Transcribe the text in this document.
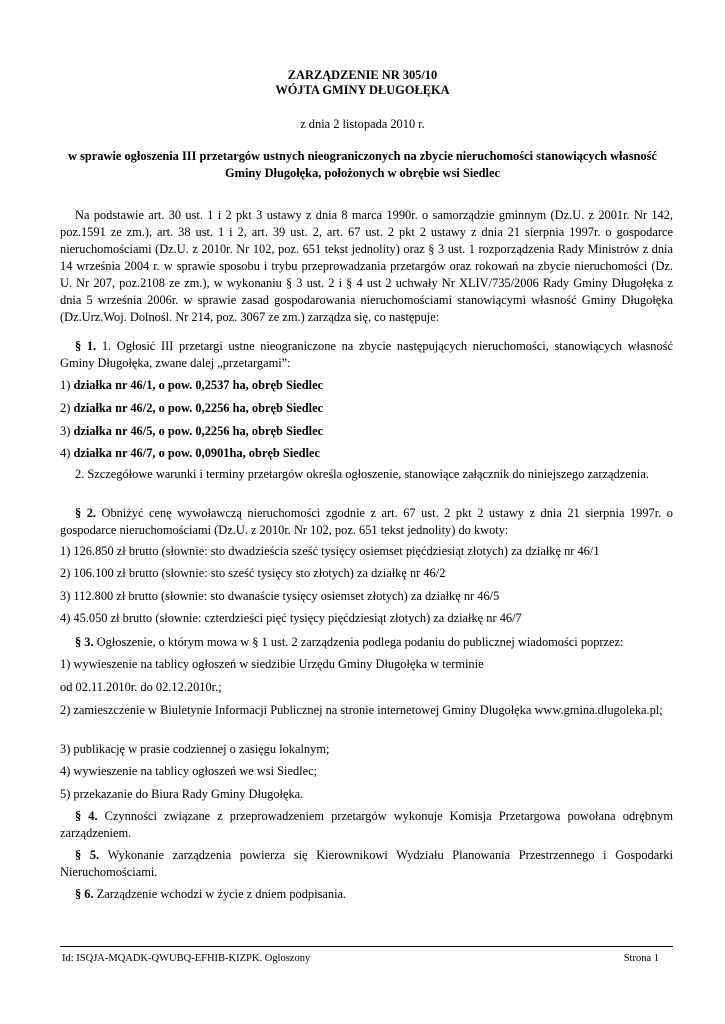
ZARZĄDZENIE NR 305/10
WÓJTA GMINY DŁUGOŁĘKA
z dnia 2 listopada 2010 r.
w sprawie ogłoszenia III przetargów ustnych nieograniczonych na zbycie nieruchomości stanowiących własność Gminy Długołęka, położonych w obrębie wsi Siedlec
Na podstawie art. 30 ust. 1 i 2 pkt 3 ustawy z dnia 8 marca 1990r. o samorządzie gminnym (Dz.U. z 2001r. Nr 142, poz.1591 ze zm.), art. 38 ust. 1 i 2, art. 39 ust. 2, art. 67 ust. 2 pkt 2 ustawy z dnia 21 sierpnia 1997r. o gospodarce nieruchomościami (Dz.U. z 2010r. Nr 102, poz. 651 tekst jednolity) oraz § 3 ust. 1 rozporządzenia Rady Ministrów z dnia 14 września 2004 r. w sprawie sposobu i trybu przeprowadzania przetargów oraz rokowań na zbycie nieruchomości (Dz. U. Nr 207, poz.2108 ze zm.), w wykonaniu § 3 ust. 2 i § 4 ust 2 uchwały Nr XLIV/735/2006 Rady Gminy Długołęka z dnia 5 września 2006r. w sprawie zasad gospodarowania nieruchomościami stanowiącymi własność Gminy Długołęka (Dz.Urz.Woj. Dolnośl. Nr 214, poz. 3067 ze zm.) zarządza się, co następuje:
§ 1. 1. Ogłosić III przetargi ustne nieograniczone na zbycie następujących nieruchomości, stanowiących własność Gminy Długołęka, zwane dalej „przetargami”:
1) działka nr 46/1, o pow. 0,2537 ha, obręb Siedlec
2) działka nr 46/2, o pow. 0,2256 ha, obręb Siedlec
3) działka nr 46/5, o pow. 0,2256 ha, obręb Siedlec
4) działka nr 46/7, o pow. 0,0901ha, obręb Siedlec
2. Szczegółowe warunki i terminy przetargów określa ogłoszenie, stanowiące załącznik do niniejszego zarządzenia.
§ 2. Obniżyć cenę wywoławczą nieruchomości zgodnie z art. 67 ust. 2 pkt 2 ustawy z dnia 21 sierpnia 1997r. o gospodarce nieruchomościami (Dz.U. z 2010r. Nr 102, poz. 651 tekst jednolity) do kwoty:
1) 126.850 zł brutto (słownie: sto dwadzieścia sześć tysięcy osiemset pięćdziesiąt złotych) za działkę nr 46/1
2) 106.100 zł brutto (słownie: sto sześć tysięcy sto złotych) za działkę nr 46/2
3) 112.800 zł brutto (słownie: sto dwanaście tysięcy osiemset złotych) za działkę nr 46/5
4) 45.050 zł brutto (słownie: czterdzieści pięć tysięcy pięćdziesiąt złotych) za działkę nr 46/7
§ 3. Ogłoszenie, o którym mowa w § 1 ust. 2 zarządzenia podlega podaniu do publicznej wiadomości poprzez:
1) wywieszenie na tablicy ogłoszeń w siedzibie Urzędu Gminy Długołęka w terminie
od 02.11.2010r. do 02.12.2010r.;
2) zamieszczenie w Biuletynie Informacji Publicznej na stronie internetowej Gminy Długołęka www.gmina.dlugoleka.pl;
3) publikację w prasie codziennej o zasięgu lokalnym;
4) wywieszenie na tablicy ogłoszeń we wsi Siedlec;
5) przekazanie do Biura Rady Gminy Długołęka.
§ 4. Czynności związane z przeprowadzeniem przetargów wykonuje Komisja Przetargowa powołana odrębnym zarządzeniem.
§ 5. Wykonanie zarządzenia powierza się Kierownikowi Wydziału Planowania Przestrzennego i Gospodarki Nieruchomościami.
§ 6. Zarządzenie wchodzi w życie z dniem podpisania.
Id: ISQJA-MQADK-QWUBQ-EFHIB-KIZPK. Ogloszony	Strona 1
